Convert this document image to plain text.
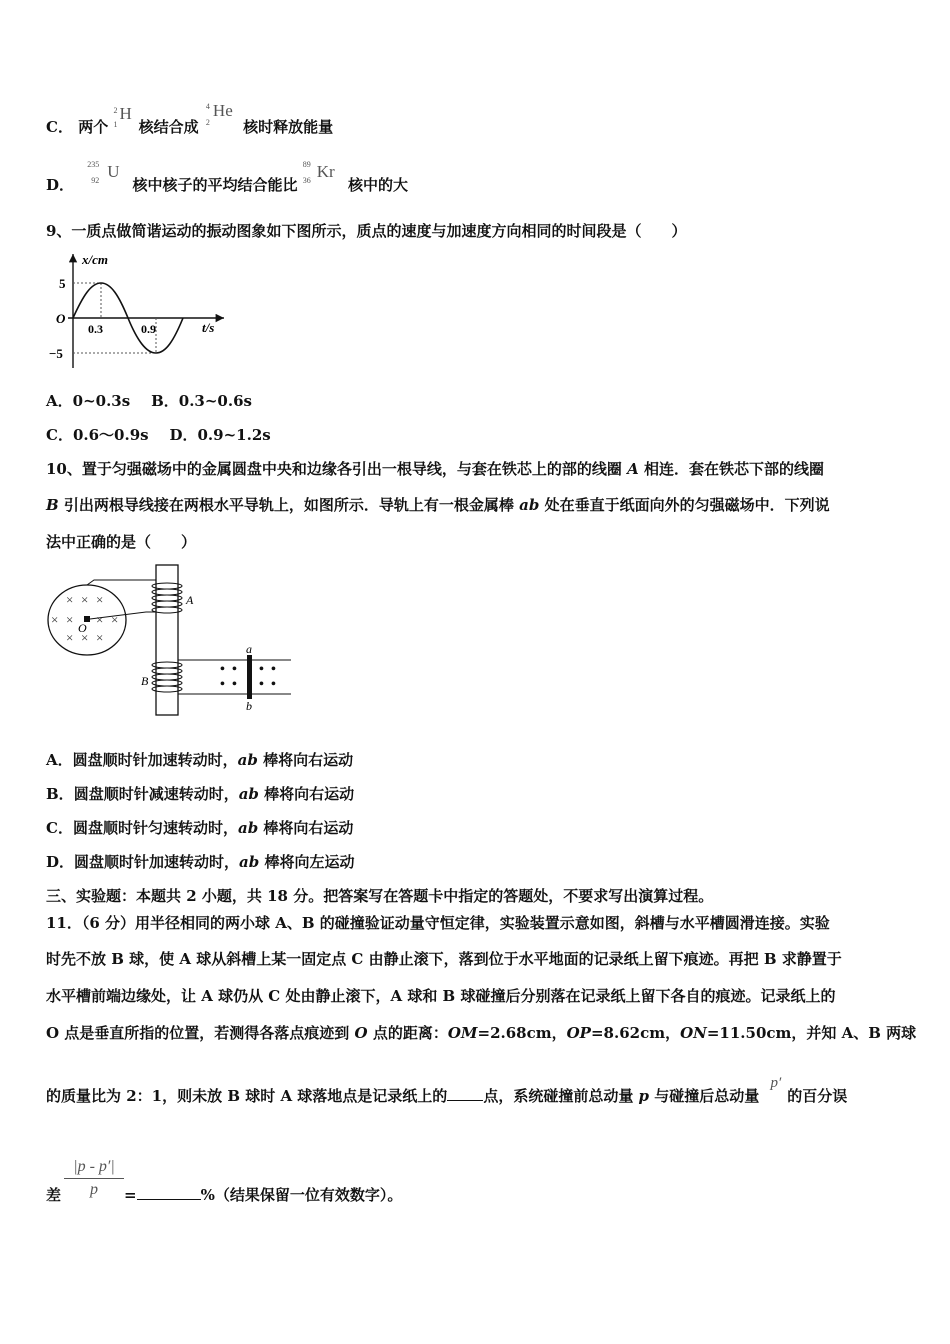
C． 两个
2
1
H
核结合成
4
2
He
核时释放能量
D．
235
92 U
核中核子的平均结合能比
89
36 Kr
核中的大
9、一质点做简谐运动的振动图象如下图所示，质点的速度与加速度方向相同的时间段是（　　）
x/cm
t/s
O
5
−5
0.3	0.9
A．0~0.3s B．0.3~0.6s
C．0.6～0.9s D．0.9~1.2s
10、置于匀强磁场中的金属圆盘中央和边缘各引出一根导线，与套在铁芯上的部的线圈 A 相连．套在铁芯下部的线圈
B 引出两根导线接在两根水平导轨上，如图所示．导轨上有一根金属棒 ab 处在垂直于纸面向外的匀强磁场中．下列说
法中正确的是（　　）
× × ×
× × × ×
× × ×
O
A
B
• • • •
• • • •
a
b
A．圆盘顺时针加速转动时，ab 棒将向右运动
B．圆盘顺时针减速转动时，ab 棒将向右运动
C．圆盘顺时针匀速转动时，ab 棒将向右运动
D．圆盘顺时针加速转动时，ab 棒将向左运动
三、实验题：本题共 2 小题，共 18 分。把答案写在答题卡中指定的答题处，不要求写出演算过程。
11．（6 分）用半径相同的两小球 A、B 的碰撞验证动量守恒定律，实验装置示意如图，斜槽与水平槽圆滑连接。实验
时先不放 B 球，使 A 球从斜槽上某一固定点 C 由静止滚下，落到位于水平地面的记录纸上留下痕迹。再把 B 求静置于
水平槽前端边缘处，让 A 球仍从 C 处由静止滚下，A 球和 B 球碰撞后分别落在记录纸上留下各自的痕迹。记录纸上的
O 点是垂直所指的位置，若测得各落点痕迹到 O 点的距离：OM=2.68cm，OP=8.62cm，ON=11.50cm，并知 A、B 两球
的质量比为 2：1，则未放 B 球时 A 球落地点是记录纸上的 点，系统碰撞前总动量 p 与碰撞后总动量 p′的百分误
差
|p - p′|
p	=	%（结果保留一位有效数字）。
